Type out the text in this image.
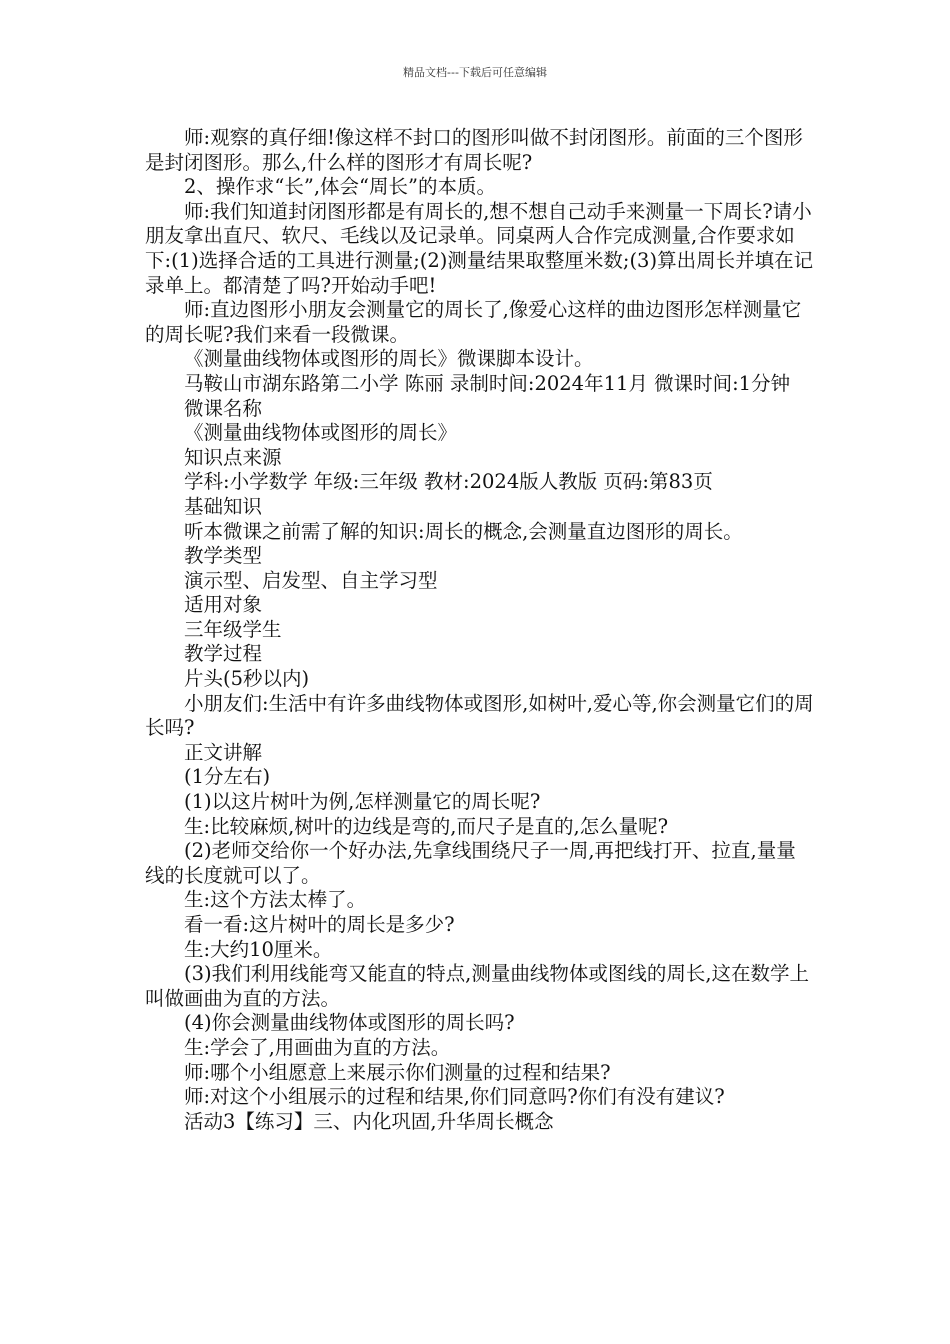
精品文档---下载后可任意编辑

师:观察的真仔细!像这样不封口的图形叫做不封闭图形。前面的三个图形是封闭图形。那么,什么样的图形才有周长呢?

2、操作求“长”,体会“周长”的本质。

师:我们知道封闭图形都是有周长的,想不想自己动手来测量一下周长?请小朋友拿出直尺、软尺、毛线以及记录单。同桌两人合作完成测量,合作要求如下:(1)选择合适的工具进行测量;(2)测量结果取整厘米数;(3)算出周长并填在记录单上。都清楚了吗?开始动手吧!

师:直边图形小朋友会测量它的周长了,像爱心这样的曲边图形怎样测量它的周长呢?我们来看一段微课。

《测量曲线物体或图形的周长》微课脚本设计。

马鞍山市湖东路第二小学 陈丽 录制时间:2024年11月 微课时间:1分钟

微课名称

《测量曲线物体或图形的周长》

知识点来源

学科:小学数学 年级:三年级 教材:2024版人教版 页码:第83页

基础知识

听本微课之前需了解的知识:周长的概念,会测量直边图形的周长。

教学类型

演示型、启发型、自主学习型

适用对象

三年级学生

教学过程

片头(5秒以内)

小朋友们:生活中有许多曲线物体或图形,如树叶,爱心等,你会测量它们的周长吗?

正文讲解

(1分左右)

(1)以这片树叶为例,怎样测量它的周长呢?

生:比较麻烦,树叶的边线是弯的,而尺子是直的,怎么量呢?

(2)老师交给你一个好办法,先拿线围绕尺子一周,再把线打开、拉直,量量线的长度就可以了。

生:这个方法太棒了。

看一看:这片树叶的周长是多少?

生:大约10厘米。

(3)我们利用线能弯又能直的特点,测量曲线物体或图线的周长,这在数学上叫做画曲为直的方法。

(4)你会测量曲线物体或图形的周长吗?

生:学会了,用画曲为直的方法。

师:哪个小组愿意上来展示你们测量的过程和结果?

师:对这个小组展示的过程和结果,你们同意吗?你们有没有建议?

活动3【练习】三、内化巩固,升华周长概念
